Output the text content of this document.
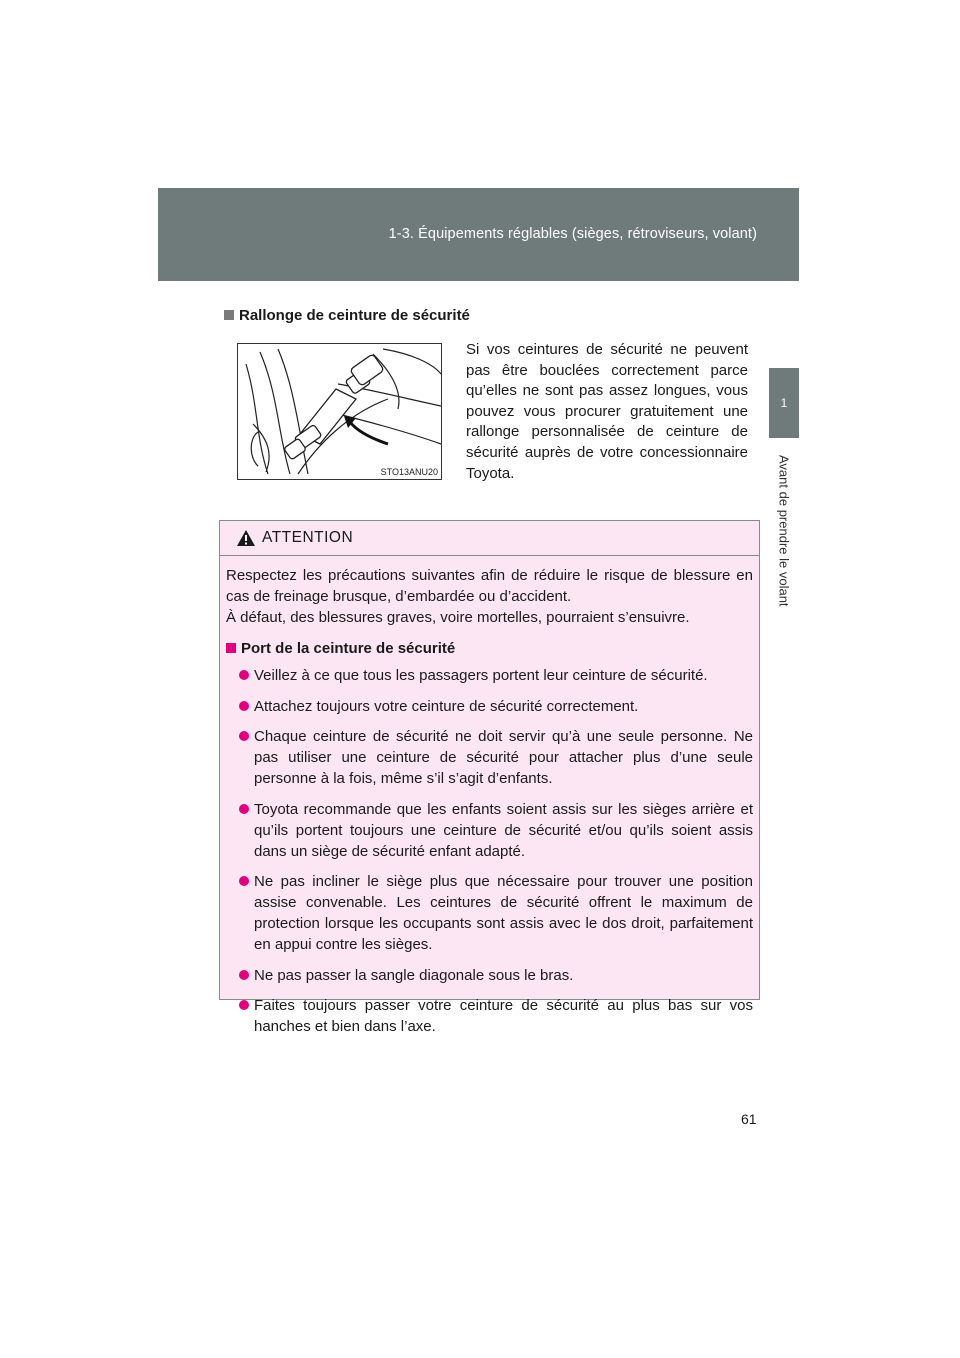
1-3. Équipements réglables (sièges, rétroviseurs, volant)
1
Avant de prendre le volant
Rallonge de ceinture de sécurité
STO13ANU20
Si vos ceintures de sécurité ne peuvent pas être bouclées correctement parce qu’elles ne sont pas assez longues, vous pouvez vous procurer gratuitement une rallonge personnalisée de ceinture de sécurité auprès de votre concessionnaire Toyota.
ATTENTION

Respectez les précautions suivantes afin de réduire le risque de blessure en cas de freinage brusque, d’embardée ou d’accident.

À défaut, des blessures graves, voire mortelles, pourraient s’ensuivre.

Port de la ceinture de sécurité
Veillez à ce que tous les passagers portent leur ceinture de sécurité.
Attachez toujours votre ceinture de sécurité correctement.
Chaque ceinture de sécurité ne doit servir qu’à une seule personne. Ne pas utiliser une ceinture de sécurité pour attacher plus d’une seule personne à la fois, même s’il s’agit d’enfants.
Toyota recommande que les enfants soient assis sur les sièges arrière et qu’ils portent toujours une ceinture de sécurité et/ou qu’ils soient assis dans un siège de sécurité enfant adapté.
Ne pas incliner le siège plus que nécessaire pour trouver une position assise convenable. Les ceintures de sécurité offrent le maximum de protection lorsque les occupants sont assis avec le dos droit, parfaitement en appui contre les sièges.
Ne pas passer la sangle diagonale sous le bras.
Faites toujours passer votre ceinture de sécurité au plus bas sur vos hanches et bien dans l’axe.
61
